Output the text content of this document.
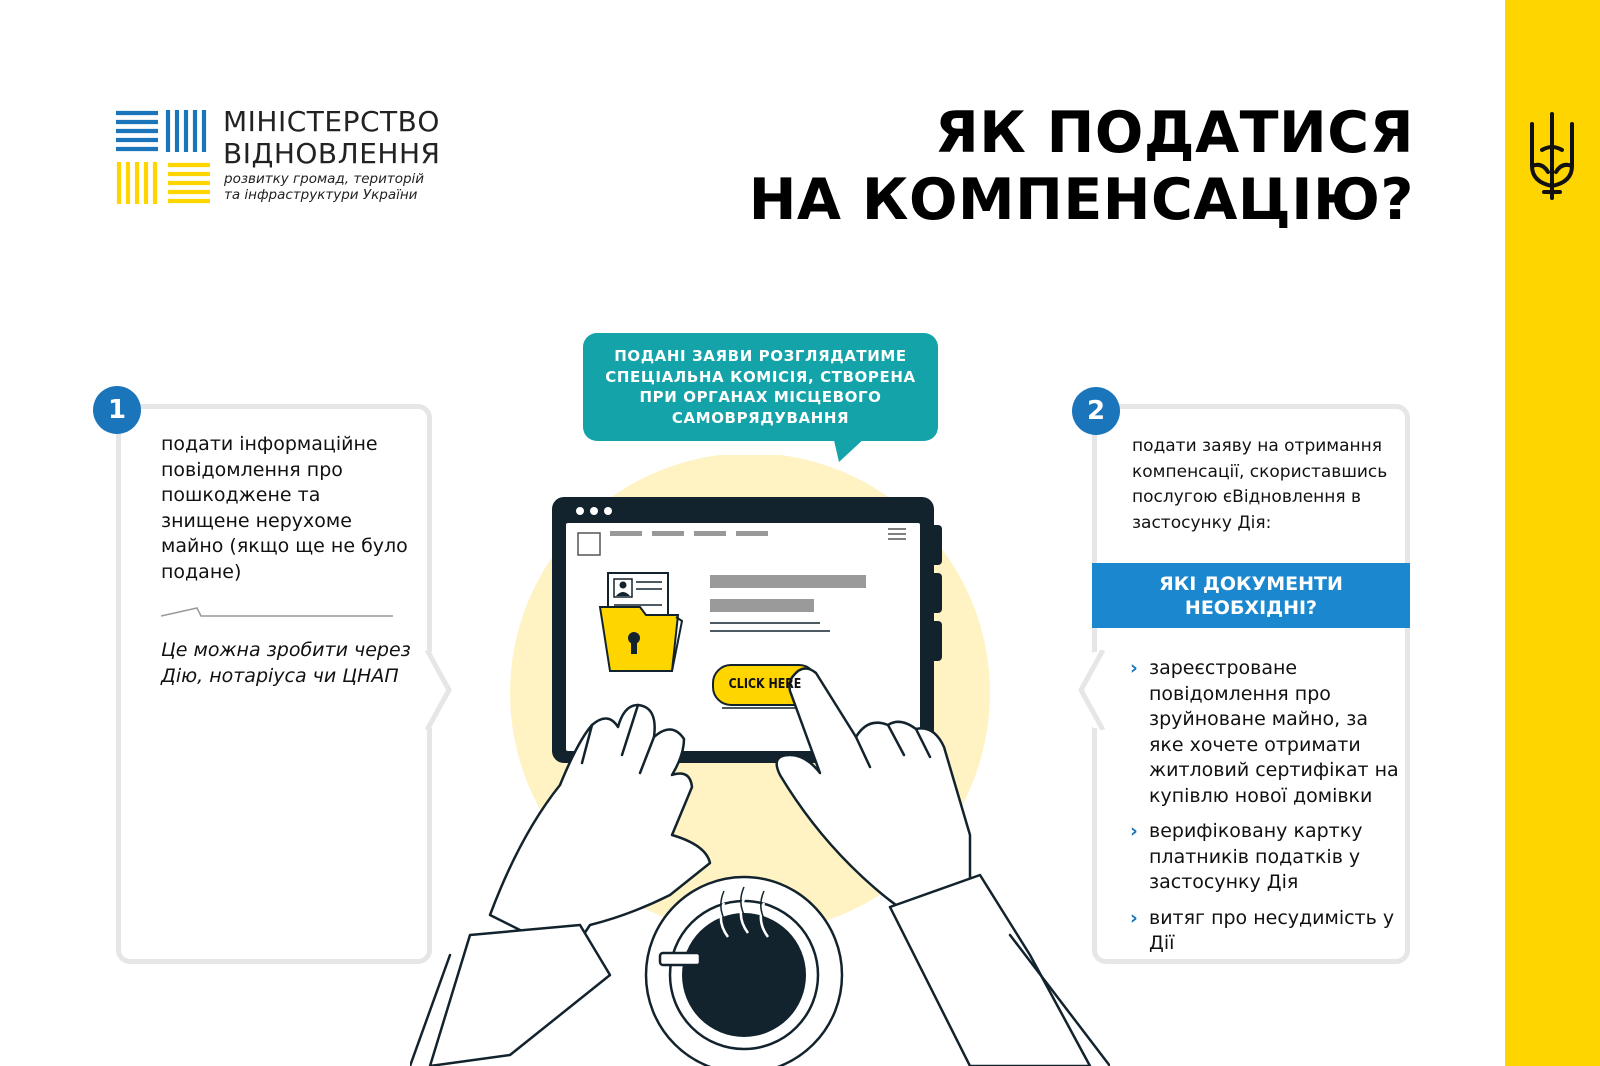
МІНІСТЕРСТВО
ВІДНОВЛЕННЯ
розвитку громад, територій
та інфраструктури України
ЯК ПОДАТИСЯ
НА КОМПЕНСАЦІЮ?
1
подати інформаційне повідомлення про пошкоджене та знищене нерухоме майно (якщо ще не було подане)
Це можна зробити через Дію, нотаріуса чи ЦНАП
ПОДАНІ ЗАЯВИ РОЗГЛЯДАТИМЕ
СПЕЦІАЛЬНА КОМІСІЯ, СТВОРЕНА
ПРИ ОРГАНАХ МІСЦЕВОГО
САМОВРЯДУВАННЯ
CLICK HERE
2
подати заяву на отримання компенсації, скориставшись послугою єВідновлення в застосунку Дія:
ЯКІ ДОКУМЕНТИ
НЕОБХІДНІ?
› зареєстроване повідомлення про зруйноване майно, за яке хочете отримати житловий сертифікат на купівлю нової домівки
› верифіковану картку платників податків у застосунку Дія
› витяг про несудимість у Дії
